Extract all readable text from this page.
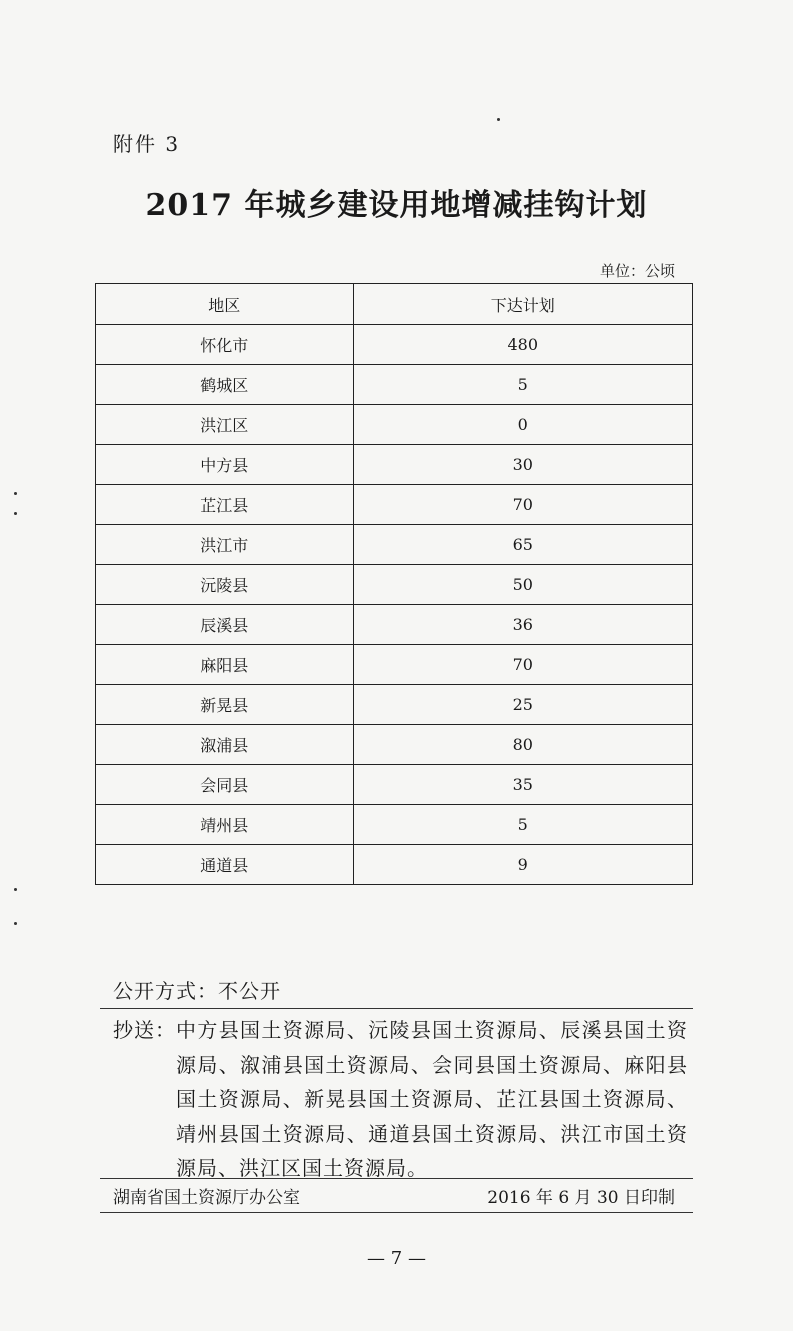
附件 3
2017 年城乡建设用地增减挂钩计划
单位：公顷
地区	下达计划
怀化市	480
鹤城区	5
洪江区	0
中方县	30
芷江县	70
洪江市	65
沅陵县	50
辰溪县	36
麻阳县	70
新晃县	25
溆浦县	80
会同县	35
靖州县	5
通道县	9
公开方式：不公开
抄送： 中方县国土资源局、沅陵县国土资源局、辰溪县国土资源局、溆浦县国土资源局、会同县国土资源局、麻阳县国土资源局、新晃县国土资源局、芷江县国土资源局、靖州县国土资源局、通道县国土资源局、洪江市国土资源局、洪江区国土资源局。
湖南省国土资源厅办公室	2016 年 6 月 30 日印制
— 7 —
